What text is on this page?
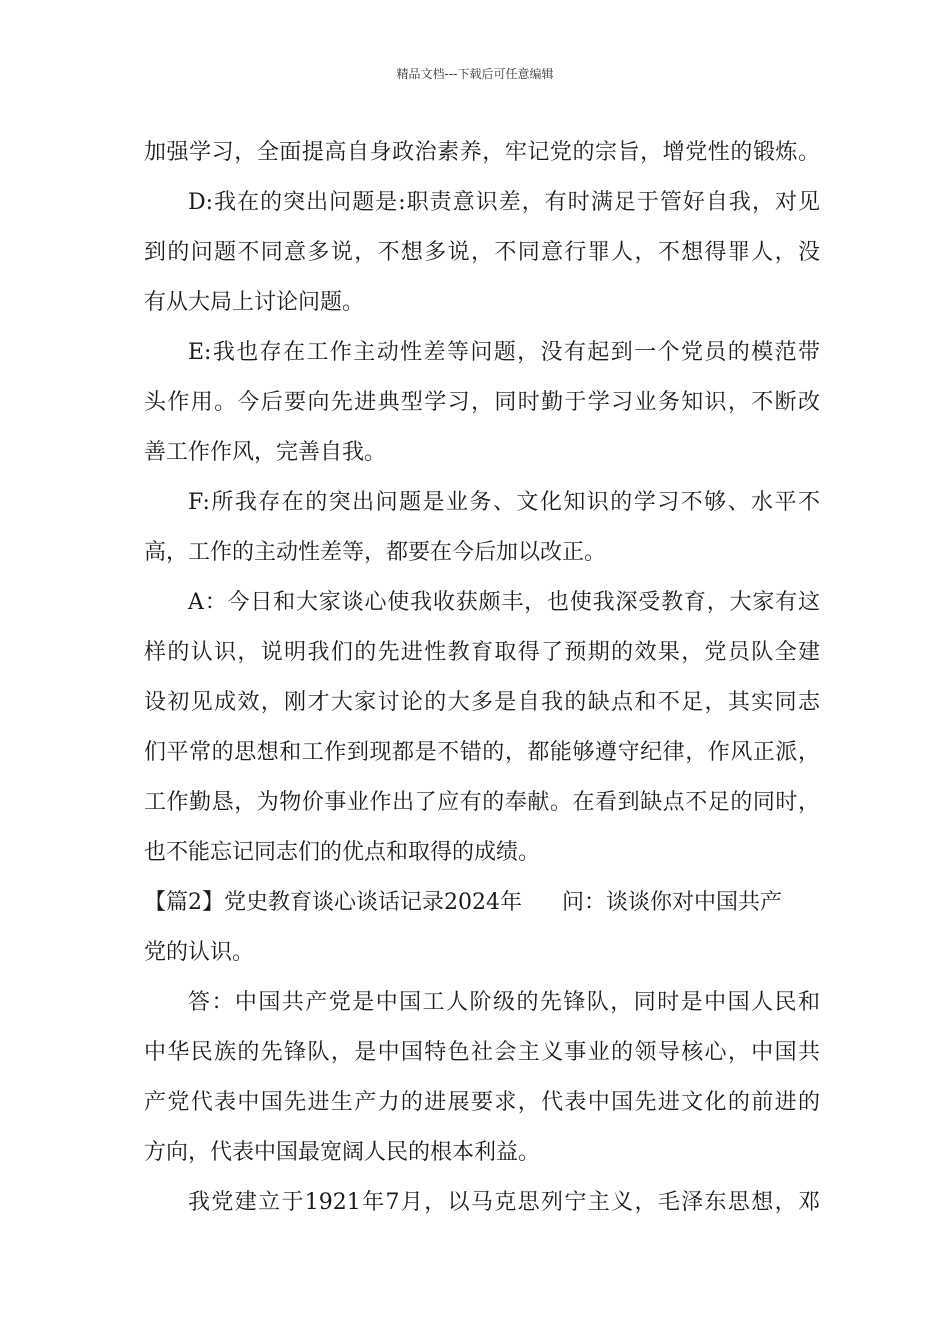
精品文档---下载后可任意编辑
加强学习，全面提高自身政治素养，牢记党的宗旨，增党性的锻炼。
D:我在的突出问题是:职责意识差，有时满足于管好自我，对见
到的问题不同意多说，不想多说，不同意行罪人，不想得罪人，没
有从大局上讨论问题。
E:我也存在工作主动性差等问题，没有起到一个党员的模范带
头作用。今后要向先进典型学习，同时勤于学习业务知识，不断改
善工作作风，完善自我。
F:所我存在的突出问题是业务、文化知识的学习不够、水平不
高，工作的主动性差等，都要在今后加以改正。
A：今日和大家谈心使我收获颇丰，也使我深受教育，大家有这
样的认识，说明我们的先进性教育取得了预期的效果，党员队全建
设初见成效，刚才大家讨论的大多是自我的缺点和不足，其实同志
们平常的思想和工作到现都是不错的，都能够遵守纪律，作风正派，
工作勤恳，为物价事业作出了应有的奉献。在看到缺点不足的同时，
也不能忘记同志们的优点和取得的成绩。
【篇2】党史教育谈心谈话记录2024年 问：谈谈你对中国共产
党的认识。
答：中国共产党是中国工人阶级的先锋队，同时是中国人民和
中华民族的先锋队，是中国特色社会主义事业的领导核心，中国共
产党代表中国先进生产力的进展要求，代表中国先进文化的前进的
方向，代表中国最宽阔人民的根本利益。
我党建立于1921年7月，以马克思列宁主义，毛泽东思想，邓
